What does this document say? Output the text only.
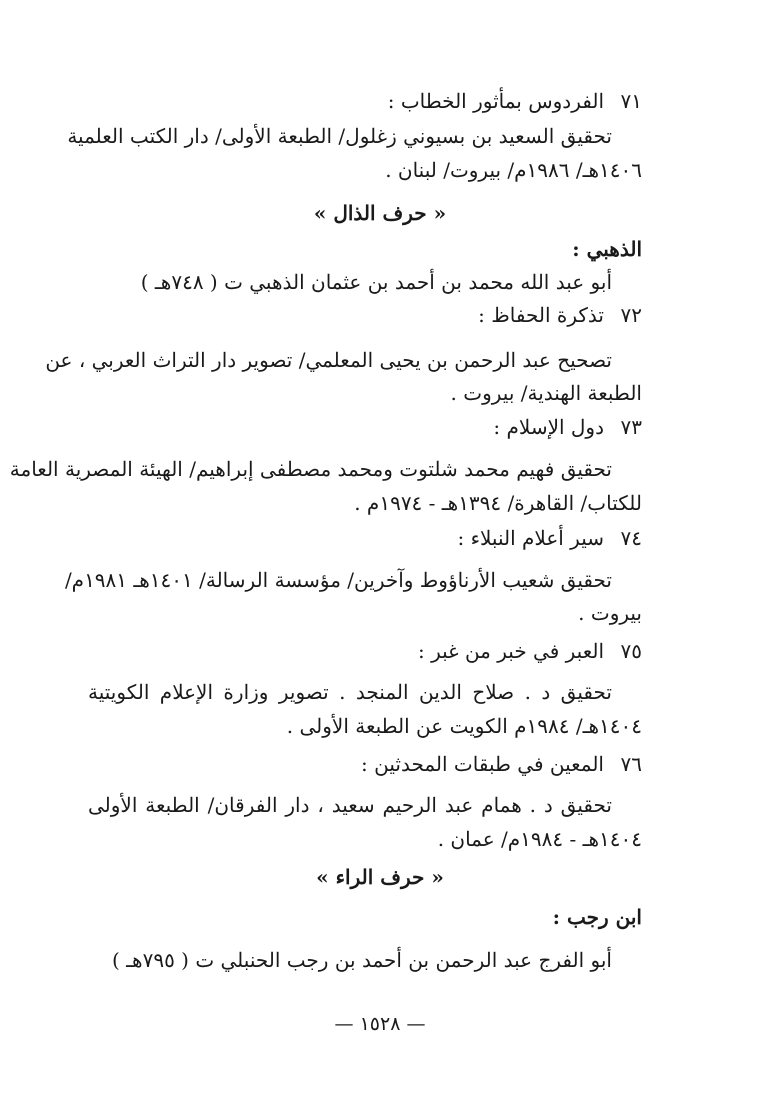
٧١
الفردوس بمأثور الخطاب :
تحقيق السعيد بن بسيوني زغلول/ الطبعة الأولى/ دار الكتب العلمية
١٤٠٦هـ/ ١٩٨٦م/ بيروت/ لبنان .
« حرف الذال »
الذهبي :
أبو عبد الله محمد بن أحمد بن عثمان الذهبي ت ( ٧٤٨هـ )
٧٢
تذكرة الحفاظ :
تصحيح عبد الرحمن بن يحيى المعلمي/ تصوير دار التراث العربي ، عن
الطبعة الهندية/ بيروت .
٧٣
دول الإسلام :
تحقيق فهيم محمد شلتوت ومحمد مصطفى إبراهيم/ الهيئة المصرية العامة
للكتاب/ القاهرة/ ١٣٩٤هـ - ١٩٧٤م .
٧٤
سير أعلام النبلاء :
تحقيق شعيب الأرناؤوط وآخرين/ مؤسسة الرسالة/ ١٤٠١هـ ١٩٨١م/
بيروت .
٧٥
العبر في خبر من غبر :
تحقيق د . صلاح الدين المنجد . تصوير وزارة الإعلام الكويتية
١٤٠٤هـ/ ١٩٨٤م الكويت عن الطبعة الأولى .
٧٦
المعين في طبقات المحدثين :
تحقيق د . همام عبد الرحيم سعيد ، دار الفرقان/ الطبعة الأولى
١٤٠٤هـ - ١٩٨٤م/ عمان .
« حرف الراء »
ابن رجب :
أبو الفرج عبد الرحمن بن أحمد بن رجب الحنبلي ت ( ٧٩٥هـ )
— ١٥٢٨ —
